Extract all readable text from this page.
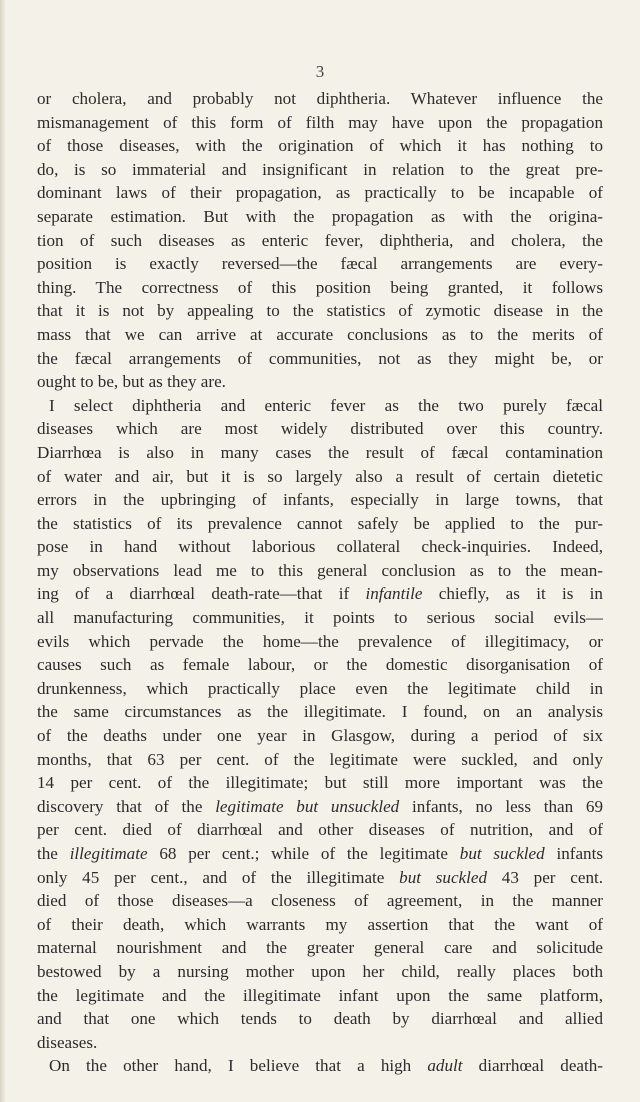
3
or cholera, and probably not diphtheria. Whatever influence the
mismanagement of this form of filth may have upon the propagation
of those diseases, with the origination of which it has nothing to
do, is so immaterial and insignificant in relation to the great pre-
dominant laws of their propagation, as practically to be incapable of
separate estimation. But with the propagation as with the origina-
tion of such diseases as enteric fever, diphtheria, and cholera, the
position is exactly reversed—the fæcal arrangements are every-
thing. The correctness of this position being granted, it follows
that it is not by appealing to the statistics of zymotic disease in the
mass that we can arrive at accurate conclusions as to the merits of
the fæcal arrangements of communities, not as they might be, or
ought to be, but as they are.
I select diphtheria and enteric fever as the two purely fæcal
diseases which are most widely distributed over this country.
Diarrhœa is also in many cases the result of fæcal contamination
of water and air, but it is so largely also a result of certain dietetic
errors in the upbringing of infants, especially in large towns, that
the statistics of its prevalence cannot safely be applied to the pur-
pose in hand without laborious collateral check-inquiries. Indeed,
my observations lead me to this general conclusion as to the mean-
ing of a diarrhœal death-rate—that if infantile chiefly, as it is in
all manufacturing communities, it points to serious social evils—
evils which pervade the home—the prevalence of illegitimacy, or
causes such as female labour, or the domestic disorganisation of
drunkenness, which practically place even the legitimate child in
the same circumstances as the illegitimate. I found, on an analysis
of the deaths under one year in Glasgow, during a period of six
months, that 63 per cent. of the legitimate were suckled, and only
14 per cent. of the illegitimate; but still more important was the
discovery that of the legitimate but unsuckled infants, no less than 69
per cent. died of diarrhœal and other diseases of nutrition, and of
the illegitimate 68 per cent.; while of the legitimate but suckled infants
only 45 per cent., and of the illegitimate but suckled 43 per cent.
died of those diseases—a closeness of agreement, in the manner
of their death, which warrants my assertion that the want of
maternal nourishment and the greater general care and solicitude
bestowed by a nursing mother upon her child, really places both
the legitimate and the illegitimate infant upon the same platform,
and that one which tends to death by diarrhœal and allied
diseases.
On the other hand, I believe that a high adult diarrhœal death-
